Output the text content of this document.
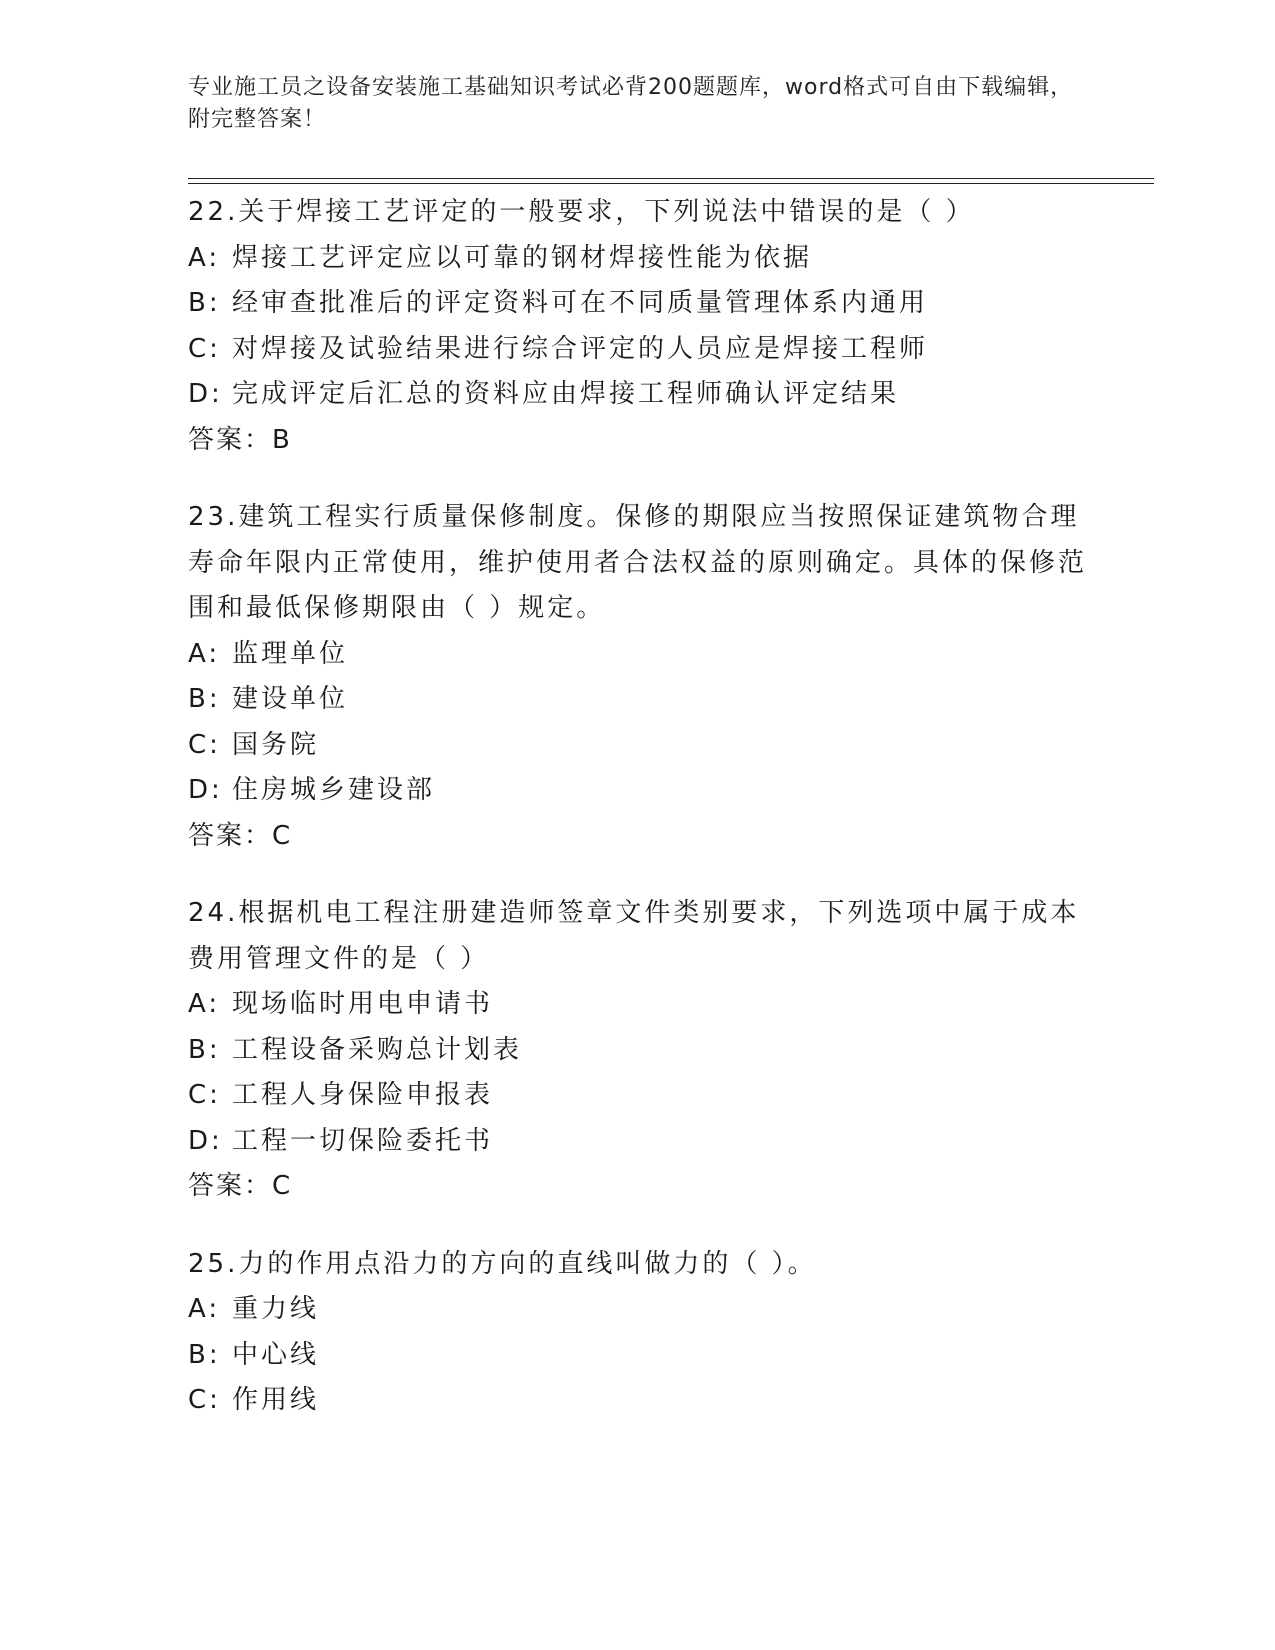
专业施工员之设备安装施工基础知识考试必背200题题库，word格式可自由下载编辑，附完整答案！

22.关于焊接工艺评定的一般要求，下列说法中错误的是（ ）

A: 焊接工艺评定应以可靠的钢材焊接性能为依据

B: 经审查批准后的评定资料可在不同质量管理体系内通用

C: 对焊接及试验结果进行综合评定的人员应是焊接工程师

D: 完成评定后汇总的资料应由焊接工程师确认评定结果

答案：B

23.建筑工程实行质量保修制度。保修的期限应当按照保证建筑物合理寿命年限内正常使用，维护使用者合法权益的原则确定。具体的保修范围和最低保修期限由（ ）规定。

A: 监理单位

B: 建设单位

C: 国务院

D: 住房城乡建设部

答案：C

24.根据机电工程注册建造师签章文件类别要求，下列选项中属于成本费用管理文件的是（ ）

A: 现场临时用电申请书

B: 工程设备采购总计划表

C: 工程人身保险申报表

D: 工程一切保险委托书

答案：C

25.力的作用点沿力的方向的直线叫做力的（ ）。

A: 重力线

B: 中心线

C: 作用线
